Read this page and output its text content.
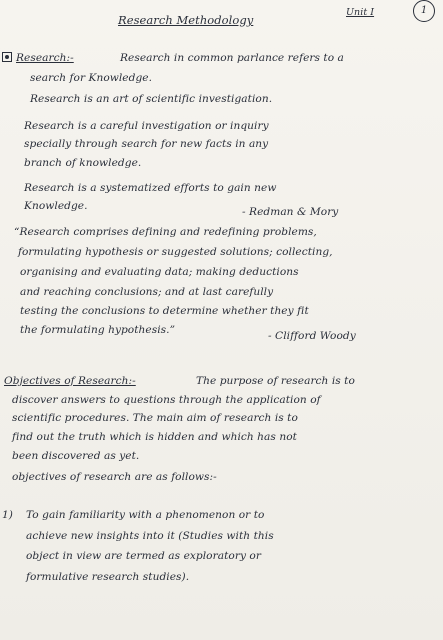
Research Methodology
Unit I	1
Research:-	Research in common parlance refers to a
search for Knowledge.
Research is an art of scientific investigation.
Research is a careful investigation or inquiry
specially through search for new facts in any
branch of knowledge.
Research is a systematized efforts to gain new
Knowledge.	- Redman & Mory
“Research comprises defining and redefining problems,
formulating hypothesis or suggested solutions; collecting,
organising and evaluating data; making deductions
and reaching conclusions; and at last carefully
testing the conclusions to determine whether they fit
the formulating hypothesis.”	- Clifford Woody
Objectives of Research:-	The purpose of research is to
discover answers to questions through the application of
scientific procedures. The main aim of research is to
find out the truth which is hidden and which has not
been discovered as yet.
objectives of research are as follows:-
1) To gain familiarity with a phenomenon or to
achieve new insights into it (Studies with this
object in view are termed as exploratory or
formulative research studies).
